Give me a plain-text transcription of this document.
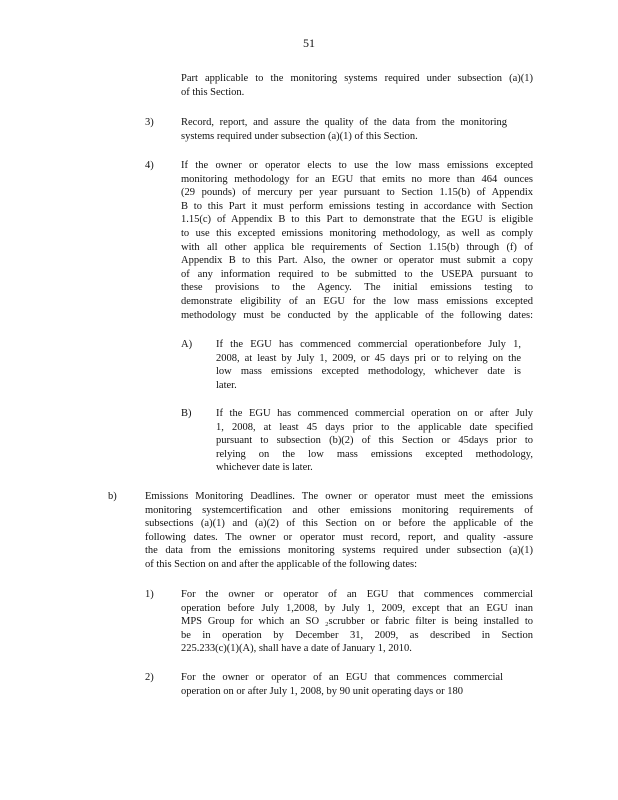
51
Part applicable to the monitoring systems required under subsection (a)(1)
of this Section.
3)	Record, report, and assure the quality of the data from the monitoring
systems required under subsection (a)(1) of this Section.
4)	If the owner or operator elects to use the low mass emissions excepted
monitoring methodology for an EGU that emits no more than 464 ounces
(29 pounds) of mercury per year pursuant to Section 1.15(b) of Appendix
B to this Part it must perform emissions testing in accordance with Section
1.15(c) of Appendix B to this Part to demonstrate that the EGU is eligible
to use this excepted emissions monitoring methodology, as well as comply
with all other applica ble requirements of Section 1.15(b) through (f) of
Appendix B to this Part. Also, the owner or operator must submit a copy
of any information required to be submitted to the USEPA pursuant to
these provisions to the Agency. The initial emissions testing to
demonstrate eligibility of an EGU for the low mass emissions excepted
methodology must be conducted by the applicable of the following dates:
A) If the EGU has commenced commercial operationbefore July 1,
2008, at least by July 1, 2009, or 45 days pri or to relying on the
low mass emissions excepted methodology, whichever date is
later.
B) If the EGU has commenced commercial operation on or after July
1, 2008, at least 45 days prior to the applicable date specified
pursuant to subsection (b)(2) of this Section or 45days prior to
relying on the low mass emissions excepted methodology,
whichever date is later.
b)	Emissions Monitoring Deadlines. The owner or operator must meet the emissions
monitoring systemcertification and other emissions monitoring requirements of
subsections (a)(1) and (a)(2) of this Section on or before the applicable of the
following dates. The owner or operator must record, report, and quality -assure
the data from the emissions monitoring systems required under subsection (a)(1)
of this Section on and after the applicable of the following dates:
1)	For the owner or operator of an EGU that commences commercial
operation before July 1,2008, by July 1, 2009, except that an EGU inan
MPS Group for which an SO ₂scrubber or fabric filter is being installed to
be in operation by December 31, 2009, as described in Section
225.233(c)(1)(A), shall have a date of January 1, 2010.
2)	For the owner or operator of an EGU that commences commercial
operation on or after July 1, 2008, by 90 unit operating days or 180
